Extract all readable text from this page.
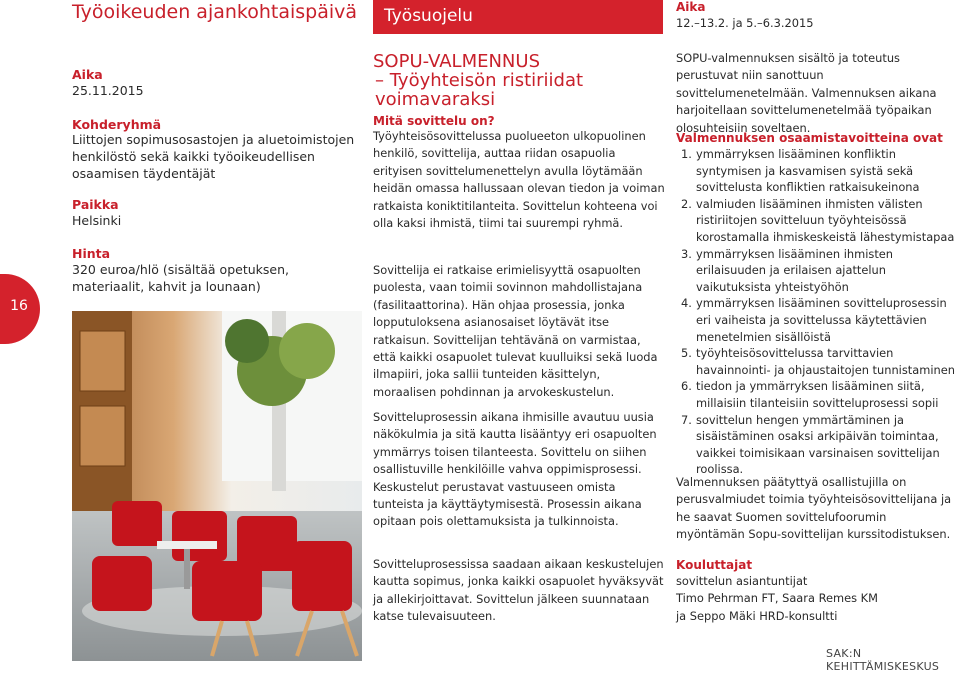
16
Työoikeuden ajankohtaispäivä
Aika
25.11.2015
Kohderyhmä
Liittojen sopimusosastojen ja aluetoimistojen henkilöstö sekä kaikki työoikeudellisen osaamisen täydentäjät
Paikka
Helsinki
Hinta
320 euroa/hlö (sisältää opetuksen, materiaalit, kahvit ja lounaan)
Työsuojelu
SOPU-VALMENNUS
– Työyhteisön ristiriidat voimavaraksi
Mitä sovittelu on?
Työyhteisösovittelussa puolueeton ulkopuolinen henkilö, sovittelija, auttaa riidan osapuolia erityisen sovittelumenettelyn avulla löytämään heidän omassa hallussaan olevan tiedon ja voiman ratkaista koniktitilanteita. Sovittelun kohteena voi olla kaksi ihmistä, tiimi tai suurempi ryhmä.
Sovittelija ei ratkaise erimielisyyttä osapuolten puolesta, vaan toimii sovinnon mahdollistajana (fasilitaattorina). Hän ohjaa prosessia, jonka lopputuloksena asianosaiset löytävät itse ratkaisun. Sovittelijan tehtävänä on varmistaa, että kaikki osapuolet tulevat kuulluiksi sekä luoda ilmapiiri, joka sallii tunteiden käsittelyn, moraalisen pohdinnan ja arvokeskustelun.
Sovitteluprosessin aikana ihmisille avautuu uusia näkökulmia ja sitä kautta lisääntyy eri osapuolten ymmärrys toisen tilanteesta. Sovittelu on siihen osallistuville henkilöille vahva oppimisprosessi. Keskustelut perustavat vastuuseen omista tunteista ja käyttäytymisestä. Prosessin aikana opitaan pois olettamuksista ja tulkinnoista.
Sovitteluprosessissa saadaan aikaan keskustelujen kautta sopimus, jonka kaikki osapuolet hyväksyvät ja allekirjoittavat. Sovittelun jälkeen suunnataan katse tulevaisuuteen.
Aika
12.–13.2. ja 5.–6.3.2015
SOPU-valmennuksen sisältö ja toteutus perustuvat niin sanottuun sovittelumenetelmään. Valmennuksen aikana harjoitellaan sovittelumenetelmää työpaikan olosuhteisiin soveltaen.
Valmennuksen osaamistavoitteina ovat
1. ymmärryksen lisääminen konfliktin syntymisen ja kasvamisen syistä sekä sovittelusta konfliktien ratkaisukeinona
2. valmiuden lisääminen ihmisten välisten ristiriitojen sovitteluun työyhteisössä korostamalla ihmiskeskeistä lähestymistapaa
3. ymmärryksen lisääminen ihmisten erilaisuuden ja erilaisen ajattelun vaikutuksista yhteistyöhön
4. ymmärryksen lisääminen sovitteluprosessin eri vaiheista ja sovittelussa käytettävien menetelmien sisällöistä
5. työyhteisösovittelussa tarvittavien havainnointi- ja ohjaustaitojen tunnistaminen
6. tiedon ja ymmärryksen lisääminen siitä, millaisiin tilanteisiin sovitteluprosessi sopii
7. sovittelun hengen ymmärtäminen ja sisäistäminen osaksi arkipäivän toimintaa, vaikkei toimisikaan varsinaisen sovittelijan roolissa.
Valmennuksen päätyttyä osallistujilla on perusvalmiudet toimia työyhteisösovittelijana ja he saavat Suomen sovittelufoorumin myöntämän Sopu-sovittelijan kurssitodistuksen.
Kouluttajat
sovittelun asiantuntijat
Timo Pehrman FT, Saara Remes KM
ja Seppo Mäki HRD-konsultti
SAK:N KEHITTÄMISKESKUS
